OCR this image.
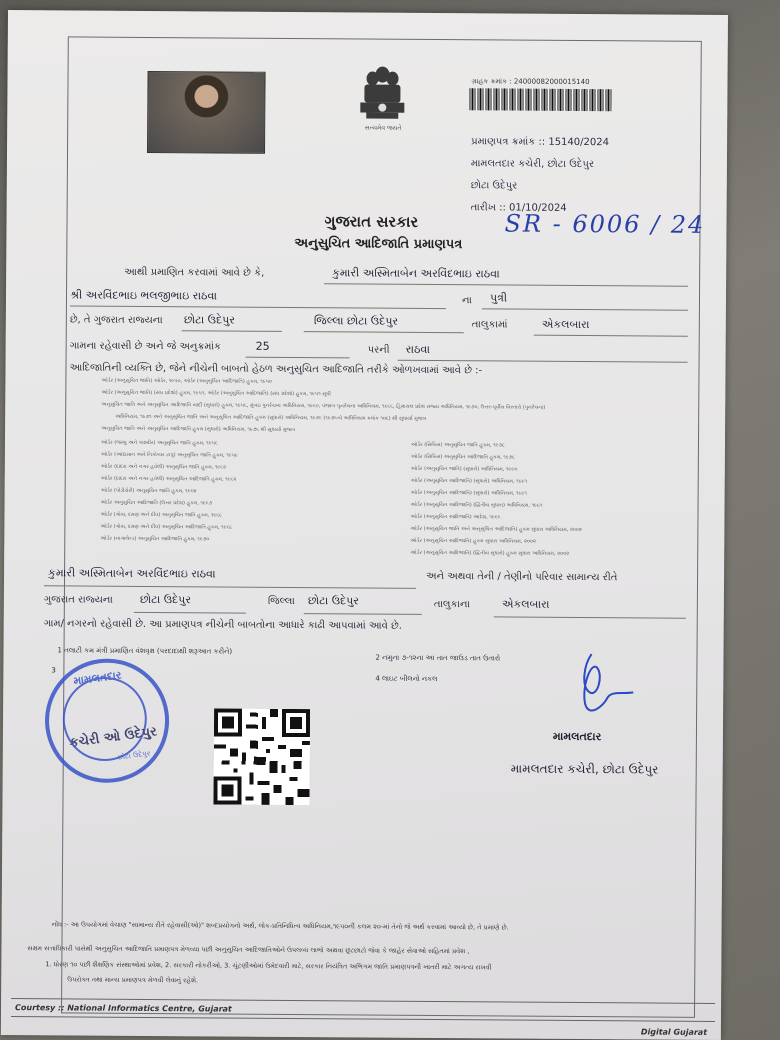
સત્યમેવ જયતે
ગ્રાહક ક્રમાંક : 24000082000015140
પ્રમાણપત્ર ક્રમાંક :: 15140/2024
મામલતદાર કચેરી, છોટા ઉદેપુર
છોટા ઉદેપુર
તારીખ :: 01/10/2024
ગુજરાત સરકાર
અનુસુચિત આદિજાતિ પ્રમાણપત્ર
SR - 6006 / 24
આથી પ્રમાણિત કરવામાં આવે છે કે,	કુમારી અસ્મિતાબેન અરવિંદભાઇ રાઠવા
શ્રી અરવિંદભાઇ ભલજીભાઇ રાઠવા	ના પુત્રી
છે, તે ગુજરાત રાજ્યના છોટા ઉદેપુર	જિલ્લા છોટા ઉદેપુર	તાલુકામાં	એકલબારા
ગામના રહેવાસી છે અને જે અનુક્રમાંક	25	પરની રાઠવા
આદિજાતિની વ્યક્તિ છે, જેને નીચેની બાબતો હેઠળ અનુસુચિત આદિજાતિ તરીકે ઓળખવામાં આવે છે :-
ઓર્ડર (અનુસુચિત જાતિ) ઓર્ડર, ૧૯૫૦, ઓર્ડર (અનુસુચિત આદિજાતિ) હુકમ, ૧૯૫૦
ઓર્ડર (અનુસુચિત જાતિ) (સંઘ પ્રદેશો) હુકમ, ૧૯૫૧, ઓર્ડર (અનુસુચિત આદિજાતિ) (સંઘ પ્રદેશો) હુકમ, ૧૯૫૧ સુધી
અનુસુચિત જાતિ અને અનુસુચિત આદિજાતિ યાદી (સુધારો) હુકમ, ૧૯૫૬, મુંબઇ પુનર્રચના અધિનિયમ, ૧૯૬૦, પંજાબ પુનર્રચના અધિનિયમ, ૧૯૬૬, હિમાચલ પ્રદેશ રાજ્ય અધિનિયમ, ૧૯૭૦, ઉત્તર-પૂર્વીય વિસ્તારો (પુનર્રચના)
અધિનિયમ, ૧૯૭૧ અને અનુસુચિત જાતિ અને અનુસુચિત આદિજાતિ હુકમ (સુધારો) અધિનિયમ, ૧૯૭૬ (૧૯૭૬નો અધિનિયમ ક્રમાંક ૧૦૮) થી સુધાર્યા મુજબ
અનુસુચિત જાતિ અને અનુસુચિત આદિજાતિ હુકમ (સુધારો) અધિનિયમ, ૧૯૭૬ થી સુધાર્યા મુજબ
ઓર્ડર (જમ્મુ અને કાશ્મીર) અનુસુચિત જાતિ હુકમ, ૧૯૫૬
ઓર્ડર (આંદામાન અને નિકોબાર ટાપુ) અનુસુચિત જાતિ હુકમ, ૧૯૫૯
ઓર્ડર (દાદરા અને નગર હવેલી) અનુસુચિત જાતિ હુકમ, ૧૯૬૨
ઓર્ડર (દાદરા અને નગર હવેલી) અનુસુચિત આદિજાતિ હુકમ, ૧૯૬૨
ઓર્ડર (પોંડીચેરી) અનુસુચિત જાતિ હુકમ, ૧૯૬૪
ઓર્ડર અનુસુચિત આદિજાતિ (ઉત્તર પ્રદેશ) હુકમ, ૧૯૬૭
ઓર્ડર (ગોવા, દમણ અને દીવ) અનુસુચિત જાતિ હુકમ, ૧૯૬૮
ઓર્ડર (ગોવા, દમણ અને દીવ) અનુસુચિત આદિજાતિ હુકમ, ૧૯૬૮
ઓર્ડર (નાગાલેન્ડ) અનુસુચિત આદિજાતિ હુકમ, ૧૯૭૦
ઓર્ડર (સિક્કિમ) અનુસુચિત જાતિ હુકમ, ૧૯૭૮
ઓર્ડર (સિક્કિમ) અનુસુચિત આદિજાતિ હુકમ, ૧૯૭૮
ઓર્ડર (અનુસુચિત જાતિ) (સુધારો) અધિનિયમ, ૧૯૯૦
ઓર્ડર (અનુસુચિત આદિજાતિ) (સુધારો) અધિનિયમ, ૧૯૯૧
ઓર્ડર (અનુસુચિત આદિજાતિ) (સુધારો) અધિનિયમ, ૧૯૯૧
ઓર્ડર (અનુસુચિત આદિજાતિ) (દ્વિતીય સુધારા) અધિનિયમ, ૧૯૯૧
ઓર્ડર (અનુસુચિત આદિજાતિ) આદેશ, ૧૯૯૬
ઓર્ડર (અનુસુચિત જાતિ અને અનુસુચિત આદિજાતિ) હુકમ સુધારા અધિનિયમ, ૨૦૦૨
ઓર્ડર (અનુસુચિત આદિજાતિ) હુકમ સુધારા અધિનિયમ, ૨૦૦૨
ઓર્ડર (અનુસુચિત આદિજાતિ) (દ્વિતીય સુધારો) હુકમ સુધારા અધિનિયમ, ૨૦૦૨
કુમારી અસ્મિતાબેન અરવિંદભાઇ રાઠવા	અને અથવા તેની / તેણીનો પરિવાર સામાન્ય રીતે
ગુજરાત રાજ્યના છોટા ઉદેપુર	જિલ્લા છોટા ઉદેપુર	તાલુકાના	એકલબારા
ગામ/ નગરનો રહેવાસી છે. આ પ્રમાણપત્ર નીચેની બાબતોના આધારે કાઢી આપવામાં આવે છે.
1 તલાટી કમ મંત્રી પ્રમાણિત વંશવૃક્ષ (પરદાદાથી શરૂઆત કરીને)
2 નમુના ૭-૧૨ના આ તાત જાઉડ તાત ઉતારો
3
4 લાઇટ બીલનો નકલ
મામલતદાર
કચેરી ઓ ઉદેપુર
છોટા ઉદેપુર
મામલતદાર
મામલતદાર કચેરી, છોટા ઉદેપુર
નોંધ :- આ ઉપયોગમાં વેચાણ "સામાન્ય રીતે રહેવાસી(ઓ)" શબ્દપ્રયોગનો અર્થ, લોક-પ્રતિનિધિત્વ અધિનિયમ,૧૯૫૦ની કલમ ૨૦-માં તેનો જે અર્થ કરવામાં આવ્યો છે, તે પ્રમાણે છે.
સક્ષમ સત્તાધિકારી પાસેથી અનુસુચિત આદિજાતિ પ્રમાણપત્ર મેળવ્યા પછી અનુસુચિત આદિજાતિઓને ઉપલબ્ધ લાભો અથવા છૂટછાટો જેવા કે જાહેર સેવાઓ સહિતમાં પ્રવેશ ,
1. ધોરણ ૧૦ પછી શૈક્ષણિક સંસ્થાઓમાં પ્રવેશ, 2. સરકારી નોકરીઓ, 3. ચૂંટણીઓમાં ઉમેદવારી માટે, સરકાર નિયંત્રિત અભિગમ જાતિ પ્રમાણપત્રની ખાતરી માટે અગત્ય રાખવી
ઉપરોક્ત તથા માન્ય પ્રમાણપત્ર મેળવી લેવાનું રહેશે.
Courtesy :: National Informatics Centre, Gujarat
Digital Gujarat
